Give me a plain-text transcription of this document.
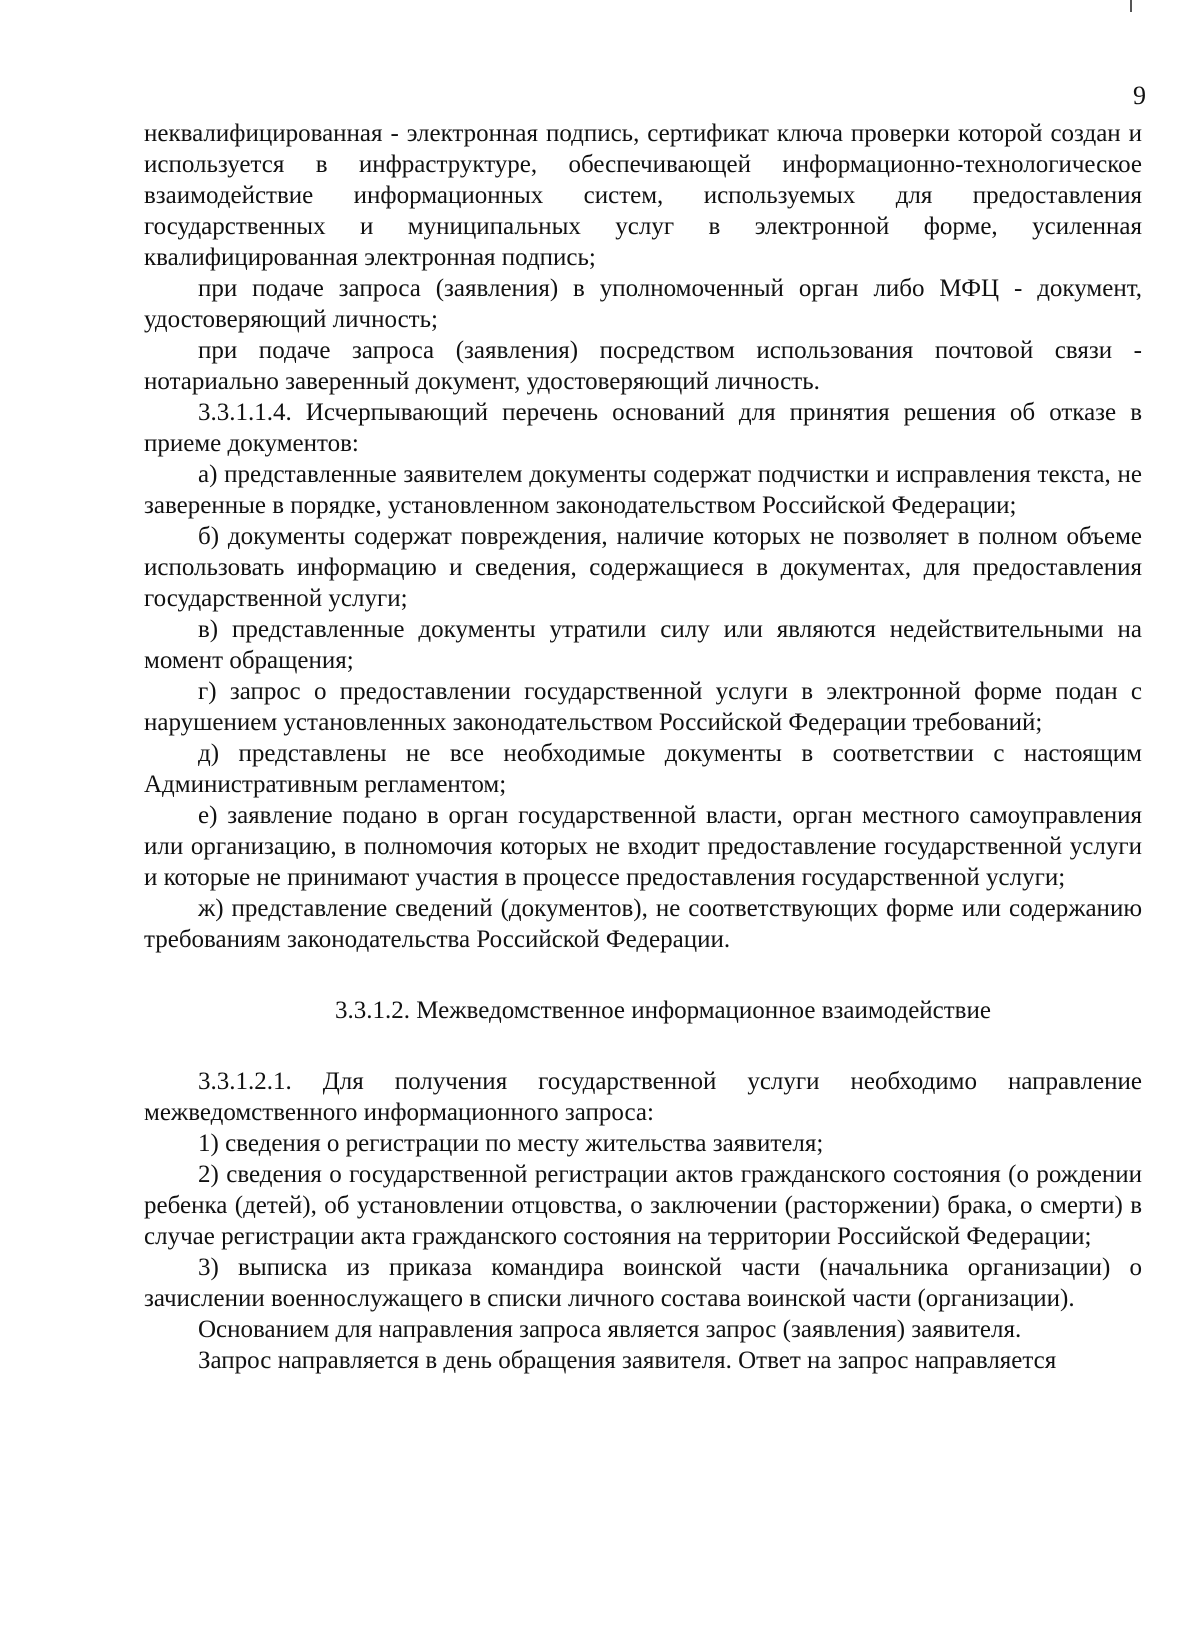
9

неквалифицированная - электронная подпись, сертификат ключа проверки которой создан и используется в инфраструктуре, обеспечивающей информационно-технологическое взаимодействие информационных систем, используемых для предоставления государственных и муниципальных услуг в электронной форме, усиленная квалифицированная электронная подпись;

при подаче запроса (заявления) в уполномоченный орган либо МФЦ - документ, удостоверяющий личность;

при подаче запроса (заявления) посредством использования почтовой связи - нотариально заверенный документ, удостоверяющий личность.

3.3.1.1.4. Исчерпывающий перечень оснований для принятия решения об отказе в приеме документов:

а) представленные заявителем документы содержат подчистки и исправления текста, не заверенные в порядке, установленном законодательством Российской Федерации;

б) документы содержат повреждения, наличие которых не позволяет в полном объеме использовать информацию и сведения, содержащиеся в документах, для предоставления государственной услуги;

в) представленные документы утратили силу или являются недействительными на момент обращения;

г) запрос о предоставлении государственной услуги в электронной форме подан с нарушением установленных законодательством Российской Федерации требований;

д) представлены не все необходимые документы в соответствии с настоящим Административным регламентом;

е) заявление подано в орган государственной власти, орган местного самоуправления или организацию, в полномочия которых не входит предоставление государственной услуги и которые не принимают участия в процессе предоставления государственной услуги;

ж) представление сведений (документов), не соответствующих форме или содержанию требованиям законодательства Российской Федерации.

3.3.1.2. Межведомственное информационное взаимодействие

3.3.1.2.1. Для получения государственной услуги необходимо направление межведомственного информационного запроса:

1) сведения о регистрации по месту жительства заявителя;

2) сведения о государственной регистрации актов гражданского состояния (о рождении ребенка (детей), об установлении отцовства, о заключении (расторжении) брака, о смерти) в случае регистрации акта гражданского состояния на территории Российской Федерации;

3) выписка из приказа командира воинской части (начальника организации) о зачислении военнослужащего в списки личного состава воинской части (организации).

Основанием для направления запроса является запрос (заявления) заявителя.

Запрос направляется в день обращения заявителя. Ответ на запрос направляется
